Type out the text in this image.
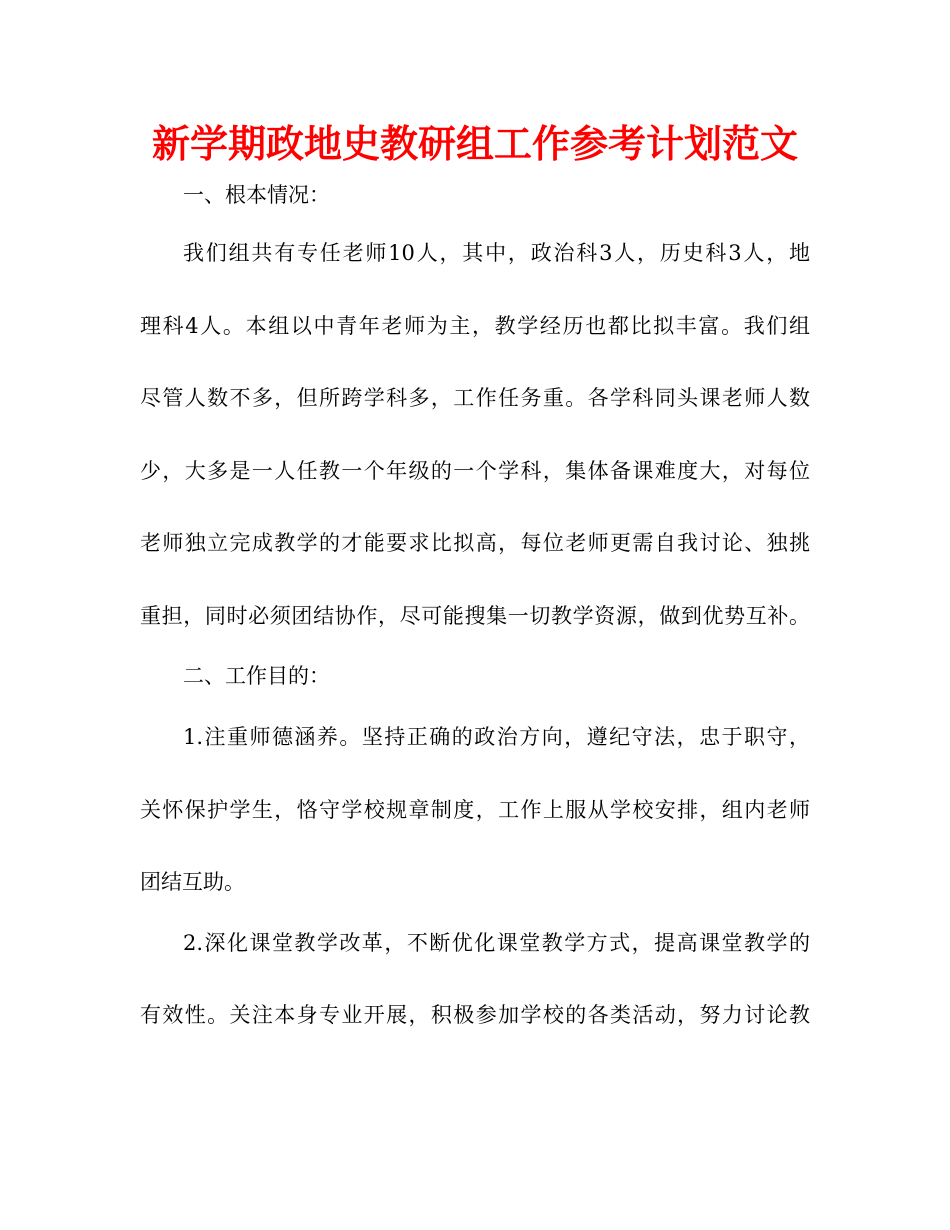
新学期政地史教研组工作参考计划范文
一、根本情况：
我们组共有专任老师10人，其中，政治科3人，历史科3人，地
理科4人。本组以中青年老师为主，教学经历也都比拟丰富。我们组
尽管人数不多，但所跨学科多，工作任务重。各学科同头课老师人数
少，大多是一人任教一个年级的一个学科，集体备课难度大，对每位
老师独立完成教学的才能要求比拟高，每位老师更需自我讨论、独挑
重担，同时必须团结协作，尽可能搜集一切教学资源，做到优势互补。
二、工作目的：
1.注重师德涵养。坚持正确的政治方向，遵纪守法，忠于职守，
关怀保护学生，恪守学校规章制度，工作上服从学校安排，组内老师
团结互助。
2.深化课堂教学改革，不断优化课堂教学方式，提高课堂教学的
有效性。关注本身专业开展，积极参加学校的各类活动，努力讨论教
